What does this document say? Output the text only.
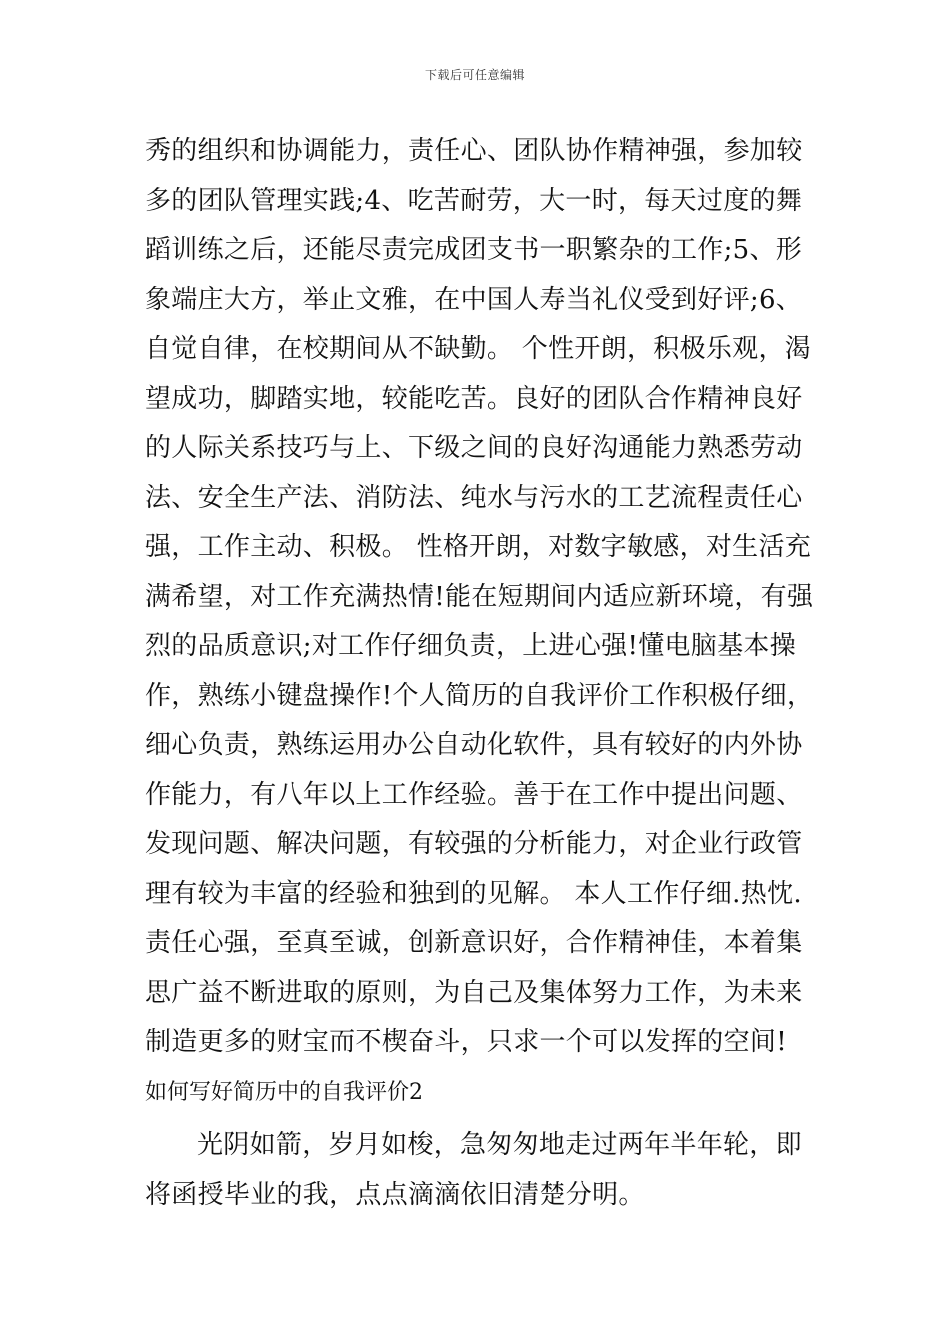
下载后可任意编辑
秀的组织和协调能力，责任心、团队协作精神强，参加较
多的团队管理实践;4、吃苦耐劳，大一时，每天过度的舞
蹈训练之后，还能尽责完成团支书一职繁杂的工作;5、形
象端庄大方，举止文雅，在中国人寿当礼仪受到好评;6、
自觉自律，在校期间从不缺勤。 个性开朗，积极乐观，渴
望成功，脚踏实地，较能吃苦。良好的团队合作精神良好
的人际关系技巧与上、下级之间的良好沟通能力熟悉劳动
法、安全生产法、消防法、纯水与污水的工艺流程责任心
强，工作主动、积极。 性格开朗，对数字敏感，对生活充
满希望，对工作充满热情!能在短期间内适应新环境，有强
烈的品质意识;对工作仔细负责，上进心强!懂电脑基本操
作，熟练小键盘操作!个人简历的自我评价工作积极仔细，
细心负责，熟练运用办公自动化软件，具有较好的内外协
作能力，有八年以上工作经验。善于在工作中提出问题、
发现问题、解决问题，有较强的分析能力，对企业行政管
理有较为丰富的经验和独到的见解。 本人工作仔细.热忱.
责任心强，至真至诚，创新意识好，合作精神佳，本着集
思广益不断进取的原则，为自己及集体努力工作，为未来
制造更多的财宝而不楔奋斗，只求一个可以发挥的空间!
如何写好简历中的自我评价2
光阴如箭，岁月如梭，急匆匆地走过两年半年轮，即
将函授毕业的我，点点滴滴依旧清楚分明。
